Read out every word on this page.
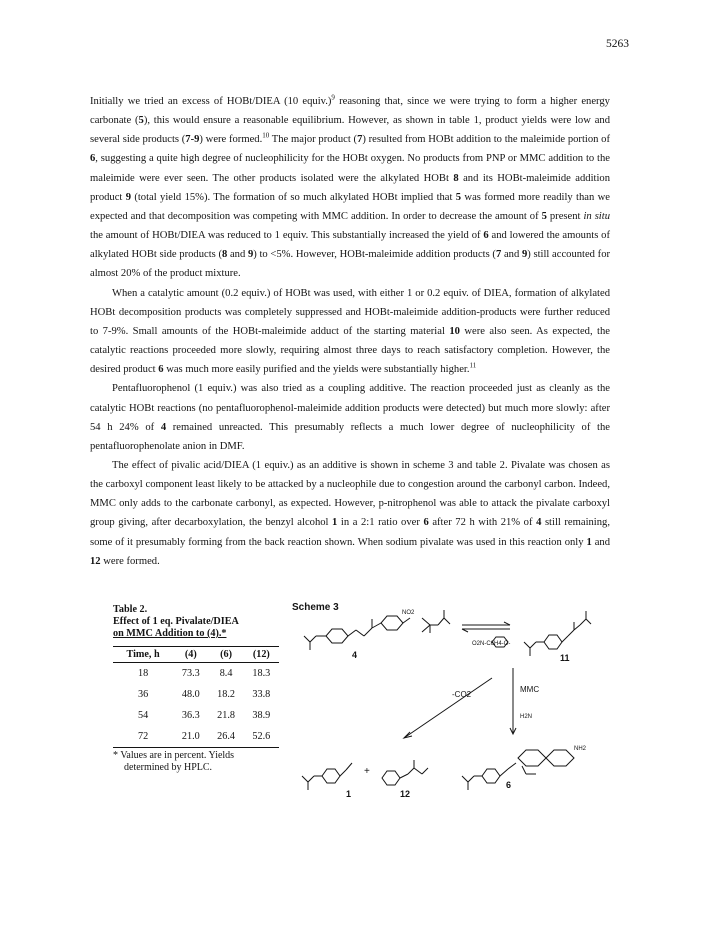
5263

Initially we tried an excess of HOBt/DIEA (10 equiv.)$^9$ reasoning that, since we were trying to form a higher energy carbonate (5), this would ensure a reasonable equilibrium. However, as shown in table 1, product yields were low and several side products (7-9) were formed.$^{10}$ The major product (7) resulted from HOBt addition to the maleimide portion of 6, suggesting a quite high degree of nucleophilicity for the HOBt oxygen. No products from PNP or MMC addition to the maleimide were ever seen. The other products isolated were the alkylated HOBt 8 and its HOBt-maleimide addition product 9 (total yield 15%). The formation of so much alkylated HOBt implied that 5 was formed more readily than we expected and that decomposition was competing with MMC addition. In order to decrease the amount of 5 present in situ the amount of HOBt/DIEA was reduced to 1 equiv. This substantially increased the yield of 6 and lowered the amounts of alkylated HOBt side products (8 and 9) to <5%. However, HOBt-maleimide addition products (7 and 9) still accounted for almost 20% of the product mixture.

When a catalytic amount (0.2 equiv.) of HOBt was used, with either 1 or 0.2 equiv. of DIEA, formation of alkylated HOBt decomposition products was completely suppressed and HOBt-maleimide addition-products were further reduced to 7-9%. Small amounts of the HOBt-maleimide adduct of the starting material 10 were also seen. As expected, the catalytic reactions proceeded more slowly, requiring almost three days to reach satisfactory completion. However, the desired product 6 was much more easily purified and the yields were substantially higher.$^{11}$

Pentafluorophenol (1 equiv.) was also tried as a coupling additive. The reaction proceeded just as cleanly as the catalytic HOBt reactions (no pentafluorophenol-maleimide addition products were detected) but much more slowly: after 54 h 24% of 4 remained unreacted. This presumably reflects a much lower degree of nucleophilicity of the pentafluorophenolate anion in DMF.

The effect of pivalic acid/DIEA (1 equiv.) as an additive is shown in scheme 3 and table 2. Pivalate was chosen as the carboxyl component least likely to be attacked by a nucleophile due to congestion around the carbonyl carbon. Indeed, MMC only adds to the carbonate carbonyl, as expected. However, p-nitrophenol was able to attack the pivalate carboxyl group giving, after decarboxylation, the benzyl alcohol 1 in a 2:1 ratio over 6 after 72 h with 21% of 4 still remaining, some of it presumably forming from the back reaction shown. When sodium pivalate was used in this reaction only 1 and 12 were formed.

Table 2.
Effect of 1 eq. Pivalate/DIEA
on MMC Addition to (4).*
Time, h	(4)	(6)	(12)
18	73.3	8.4	18.3
36	48.0	18.2	33.8
54	36.3	21.8	38.9
72	21.0	26.4	52.6
* Values are in percent. Yields
determined by HPLC.
Scheme 3	NO2
4
O2N-C6H4-O-
11
MMC
-CO2
H2N
NH2
+
1	12
6
